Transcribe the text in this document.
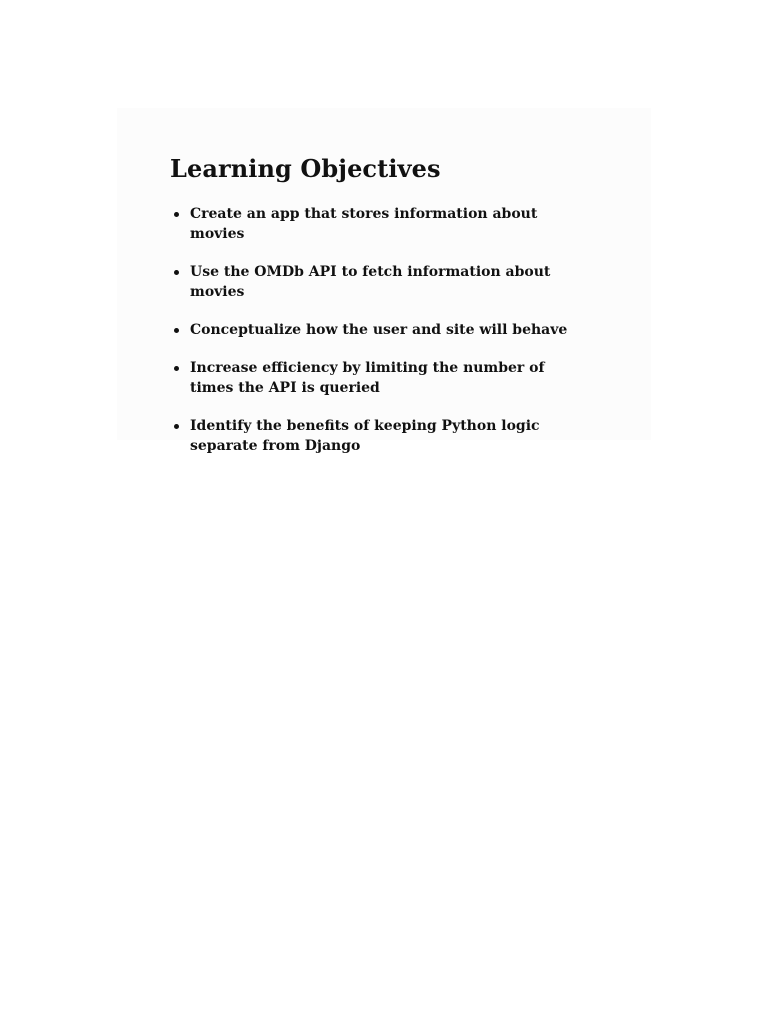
Learning Objectives
Create an app that stores information about movies
Use the OMDb API to fetch information about movies
Conceptualize how the user and site will behave
Increase efficiency by limiting the number of times the API is queried
Identify the benefits of keeping Python logic separate from Django
